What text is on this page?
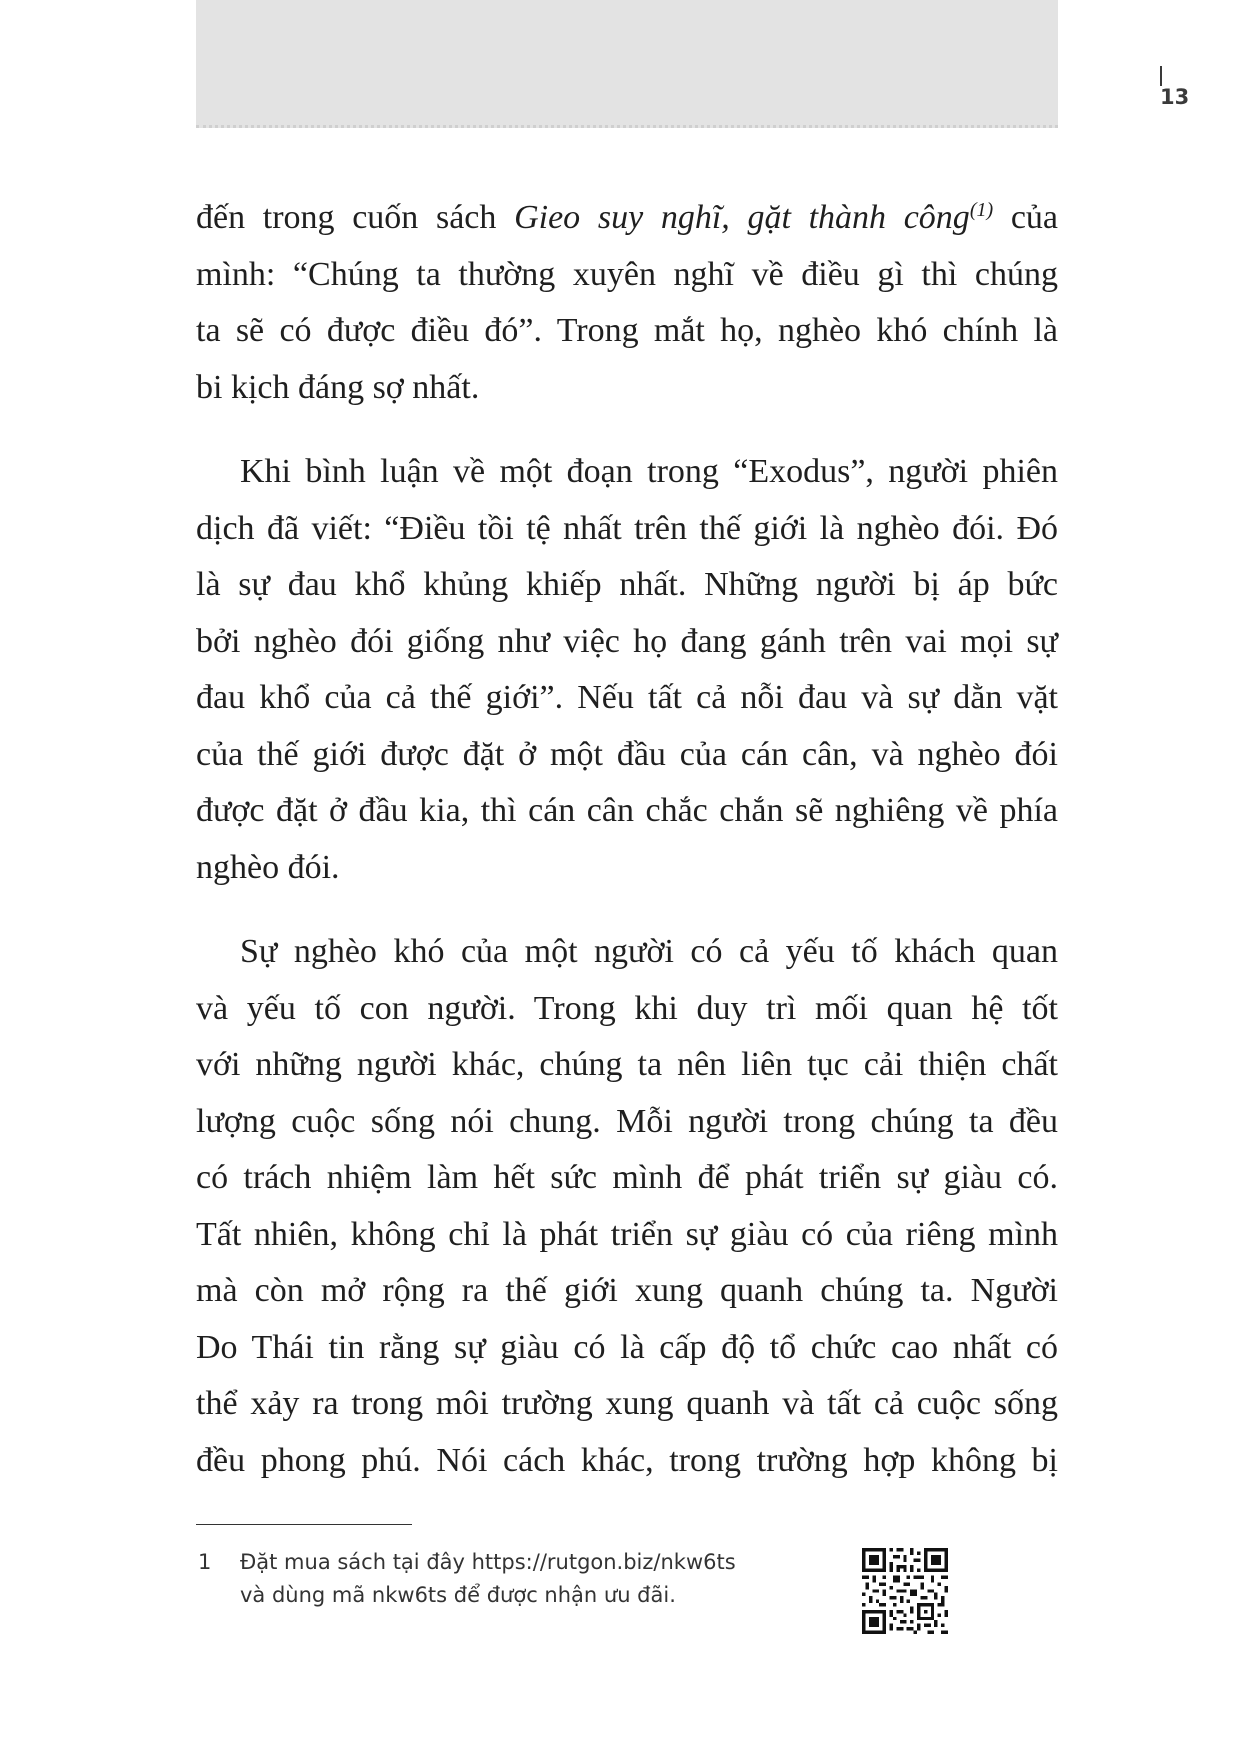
13
đến trong cuốn sách Gieo suy nghĩ, gặt thành công$^{(1)}$ của
mình: “Chúng ta thường xuyên nghĩ về điều gì thì chúng
ta sẽ có được điều đó”. Trong mắt họ, nghèo khó chính là
bi kịch đáng sợ nhất.
Khi bình luận về một đoạn trong “Exodus”, người phiên
dịch đã viết: “Điều tồi tệ nhất trên thế giới là nghèo đói. Đó
là sự đau khổ khủng khiếp nhất. Những người bị áp bức
bởi nghèo đói giống như việc họ đang gánh trên vai mọi sự
đau khổ của cả thế giới”. Nếu tất cả nỗi đau và sự dằn vặt
của thế giới được đặt ở một đầu của cán cân, và nghèo đói
được đặt ở đầu kia, thì cán cân chắc chắn sẽ nghiêng về phía
nghèo đói.
Sự nghèo khó của một người có cả yếu tố khách quan
và yếu tố con người. Trong khi duy trì mối quan hệ tốt
với những người khác, chúng ta nên liên tục cải thiện chất
lượng cuộc sống nói chung. Mỗi người trong chúng ta đều
có trách nhiệm làm hết sức mình để phát triển sự giàu có.
Tất nhiên, không chỉ là phát triển sự giàu có của riêng mình
mà còn mở rộng ra thế giới xung quanh chúng ta. Người
Do Thái tin rằng sự giàu có là cấp độ tổ chức cao nhất có
thể xảy ra trong môi trường xung quanh và tất cả cuộc sống
đều phong phú. Nói cách khác, trong trường hợp không bị
1 Đặt mua sách tại đây https://rutgon.biz/nkw6ts
và dùng mã nkw6ts để được nhận ưu đãi.
